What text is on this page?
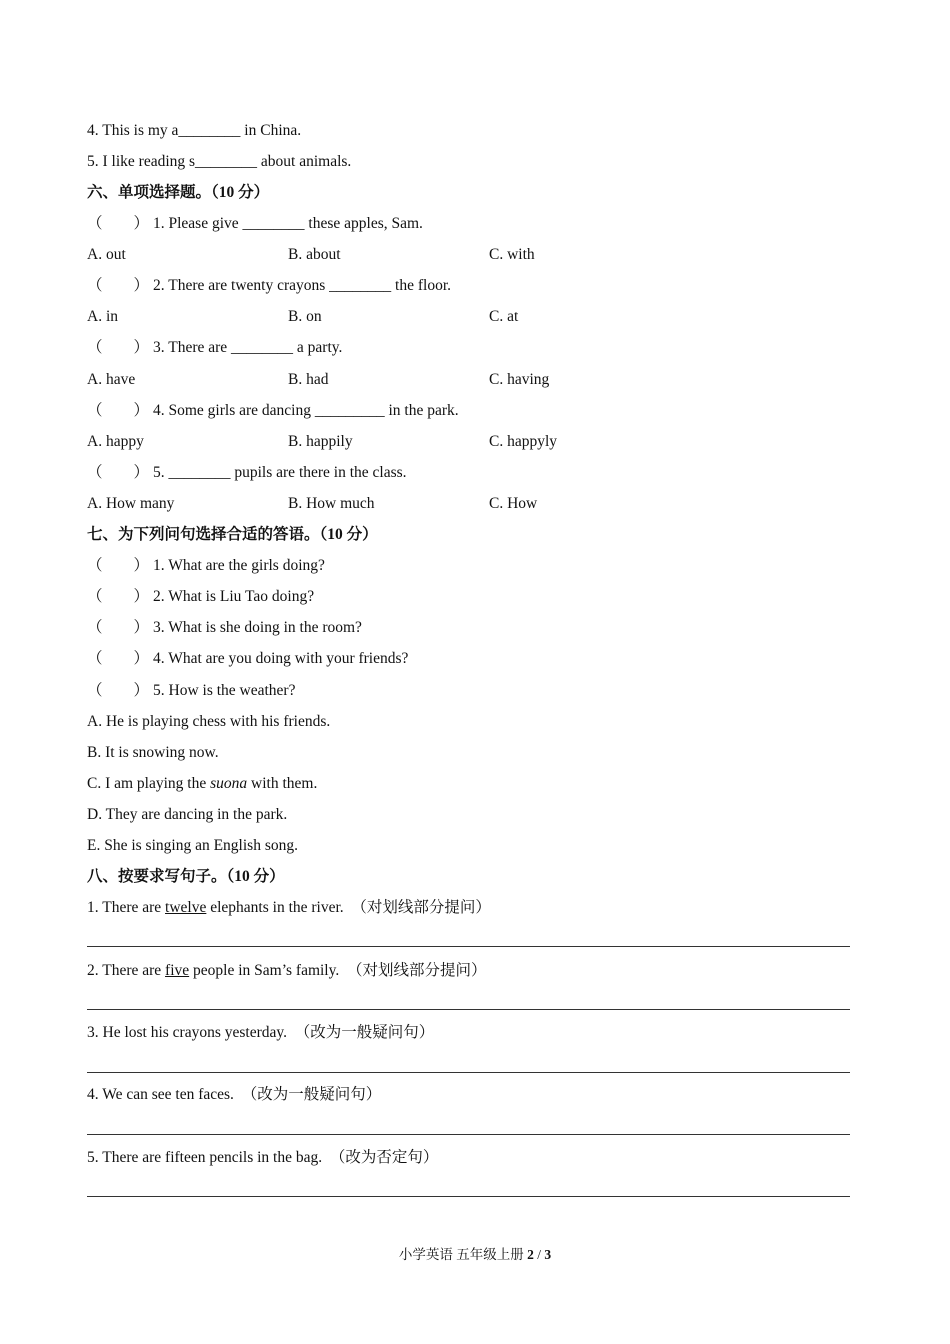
4. This is my a________ in China.
5. I like reading s________ about animals.
六、单项选择题。（10 分）
（　　） 1. Please give ________ these apples, Sam.
A. out	B. about	C. with
（　　） 2. There are twenty crayons ________ the floor.
A. in	B. on	C. at
（　　） 3. There are ________ a party.
A. have	B. had	C. having
（　　） 4. Some girls are dancing _________ in the park.
A. happy	B. happily	C. happyly
（　　） 5. ________ pupils are there in the class.
A. How many	B. How much	C. How
七、为下列问句选择合适的答语。（10 分）
（　　） 1. What are the girls doing?
（　　） 2. What is Liu Tao doing?
（　　） 3. What is she doing in the room?
（　　） 4. What are you doing with your friends?
（　　） 5. How is the weather?
A. He is playing chess with his friends.
B. It is snowing now.
C. I am playing the suona with them.
D. They are dancing in the park.
E. She is singing an English song.
八、按要求写句子。（10 分）
1. There are twelve elephants in the river.  （对划线部分提问）
2. There are five people in Sam’s family.  （对划线部分提问）
3. He lost his crayons yesterday.  （改为一般疑问句）
4. We can see ten faces.  （改为一般疑问句）
5. There are fifteen pencils in the bag.  （改为否定句）
小学英语 五年级上册 2 / 3
